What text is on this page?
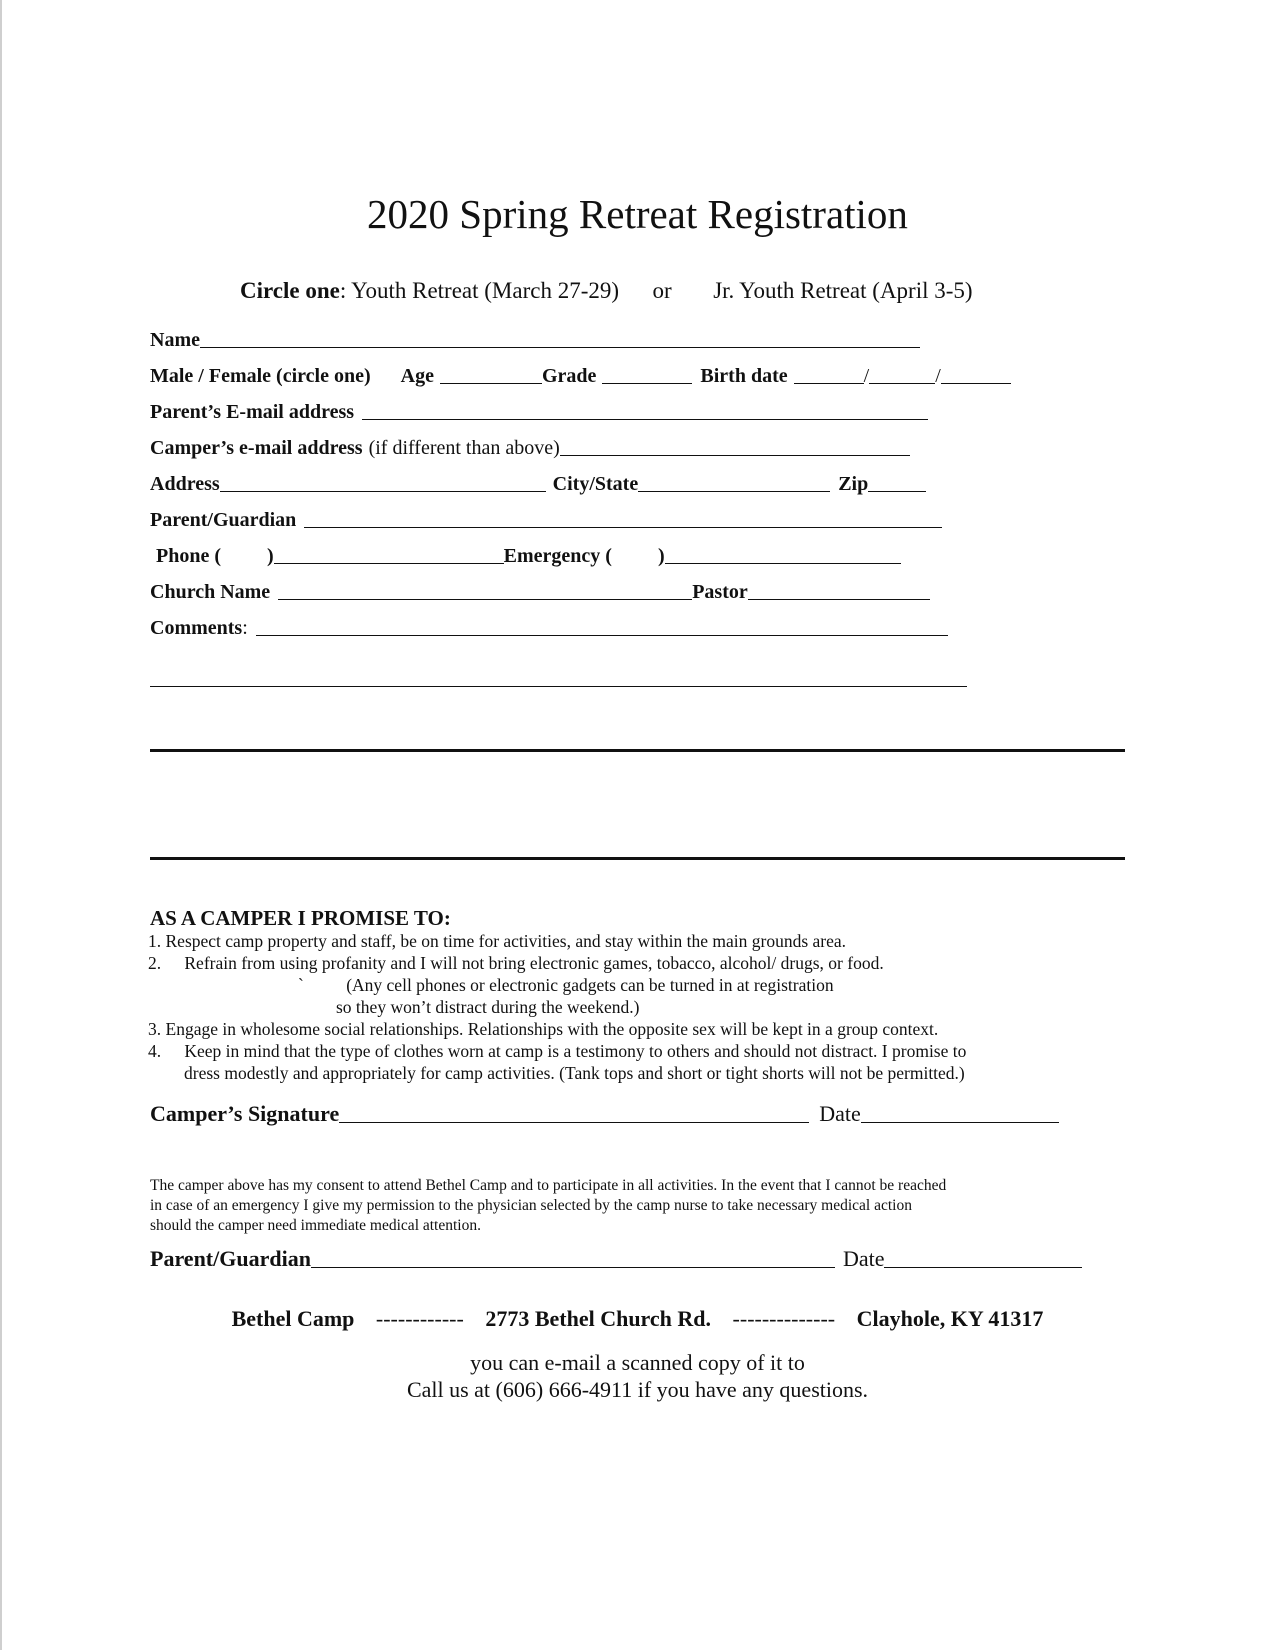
2020 Spring Retreat Registration
Circle one: Youth Retreat (March 27-29) or Jr. Youth Retreat (April 3-5)
Name
Male / Female (circle one) Age	Grade	Birth date	/	/
Parent’s E-mail address
Camper’s e-mail address (if different than above)
Address	City/State	Zip
Parent/Guardian
Phone ( )	Emergency ( )
Church Name	Pastor
Comments :
AS A CAMPER I PROMISE TO:
1. Respect camp property and staff, be on time for activities, and stay within the main grounds area.
2. Refrain from using profanity and I will not bring electronic games, tobacco, alcohol/ drugs, or food.
` (Any cell phones or electronic gadgets can be turned in at registration
so they won’t distract during the weekend.)
3. Engage in wholesome social relationships. Relationships with the opposite sex will be kept in a group context.
4. Keep in mind that the type of clothes worn at camp is a testimony to others and should not distract. I promise to
dress modestly and appropriately for camp activities. (Tank tops and short or tight shorts will not be permitted.)
Camper’s Signature	Date
The camper above has my consent to attend Bethel Camp and to participate in all activities. In the event that I cannot be reached
in case of an emergency I give my permission to the physician selected by the camp nurse to take necessary medical action
should the camper need immediate medical attention.
Parent/Guardian	Date
Bethel Camp ------------ 2773 Bethel Church Rd. -------------- Clayhole, KY 41317
you can e-mail a scanned copy of it to
Call us at (606) 666-4911 if you have any questions.
